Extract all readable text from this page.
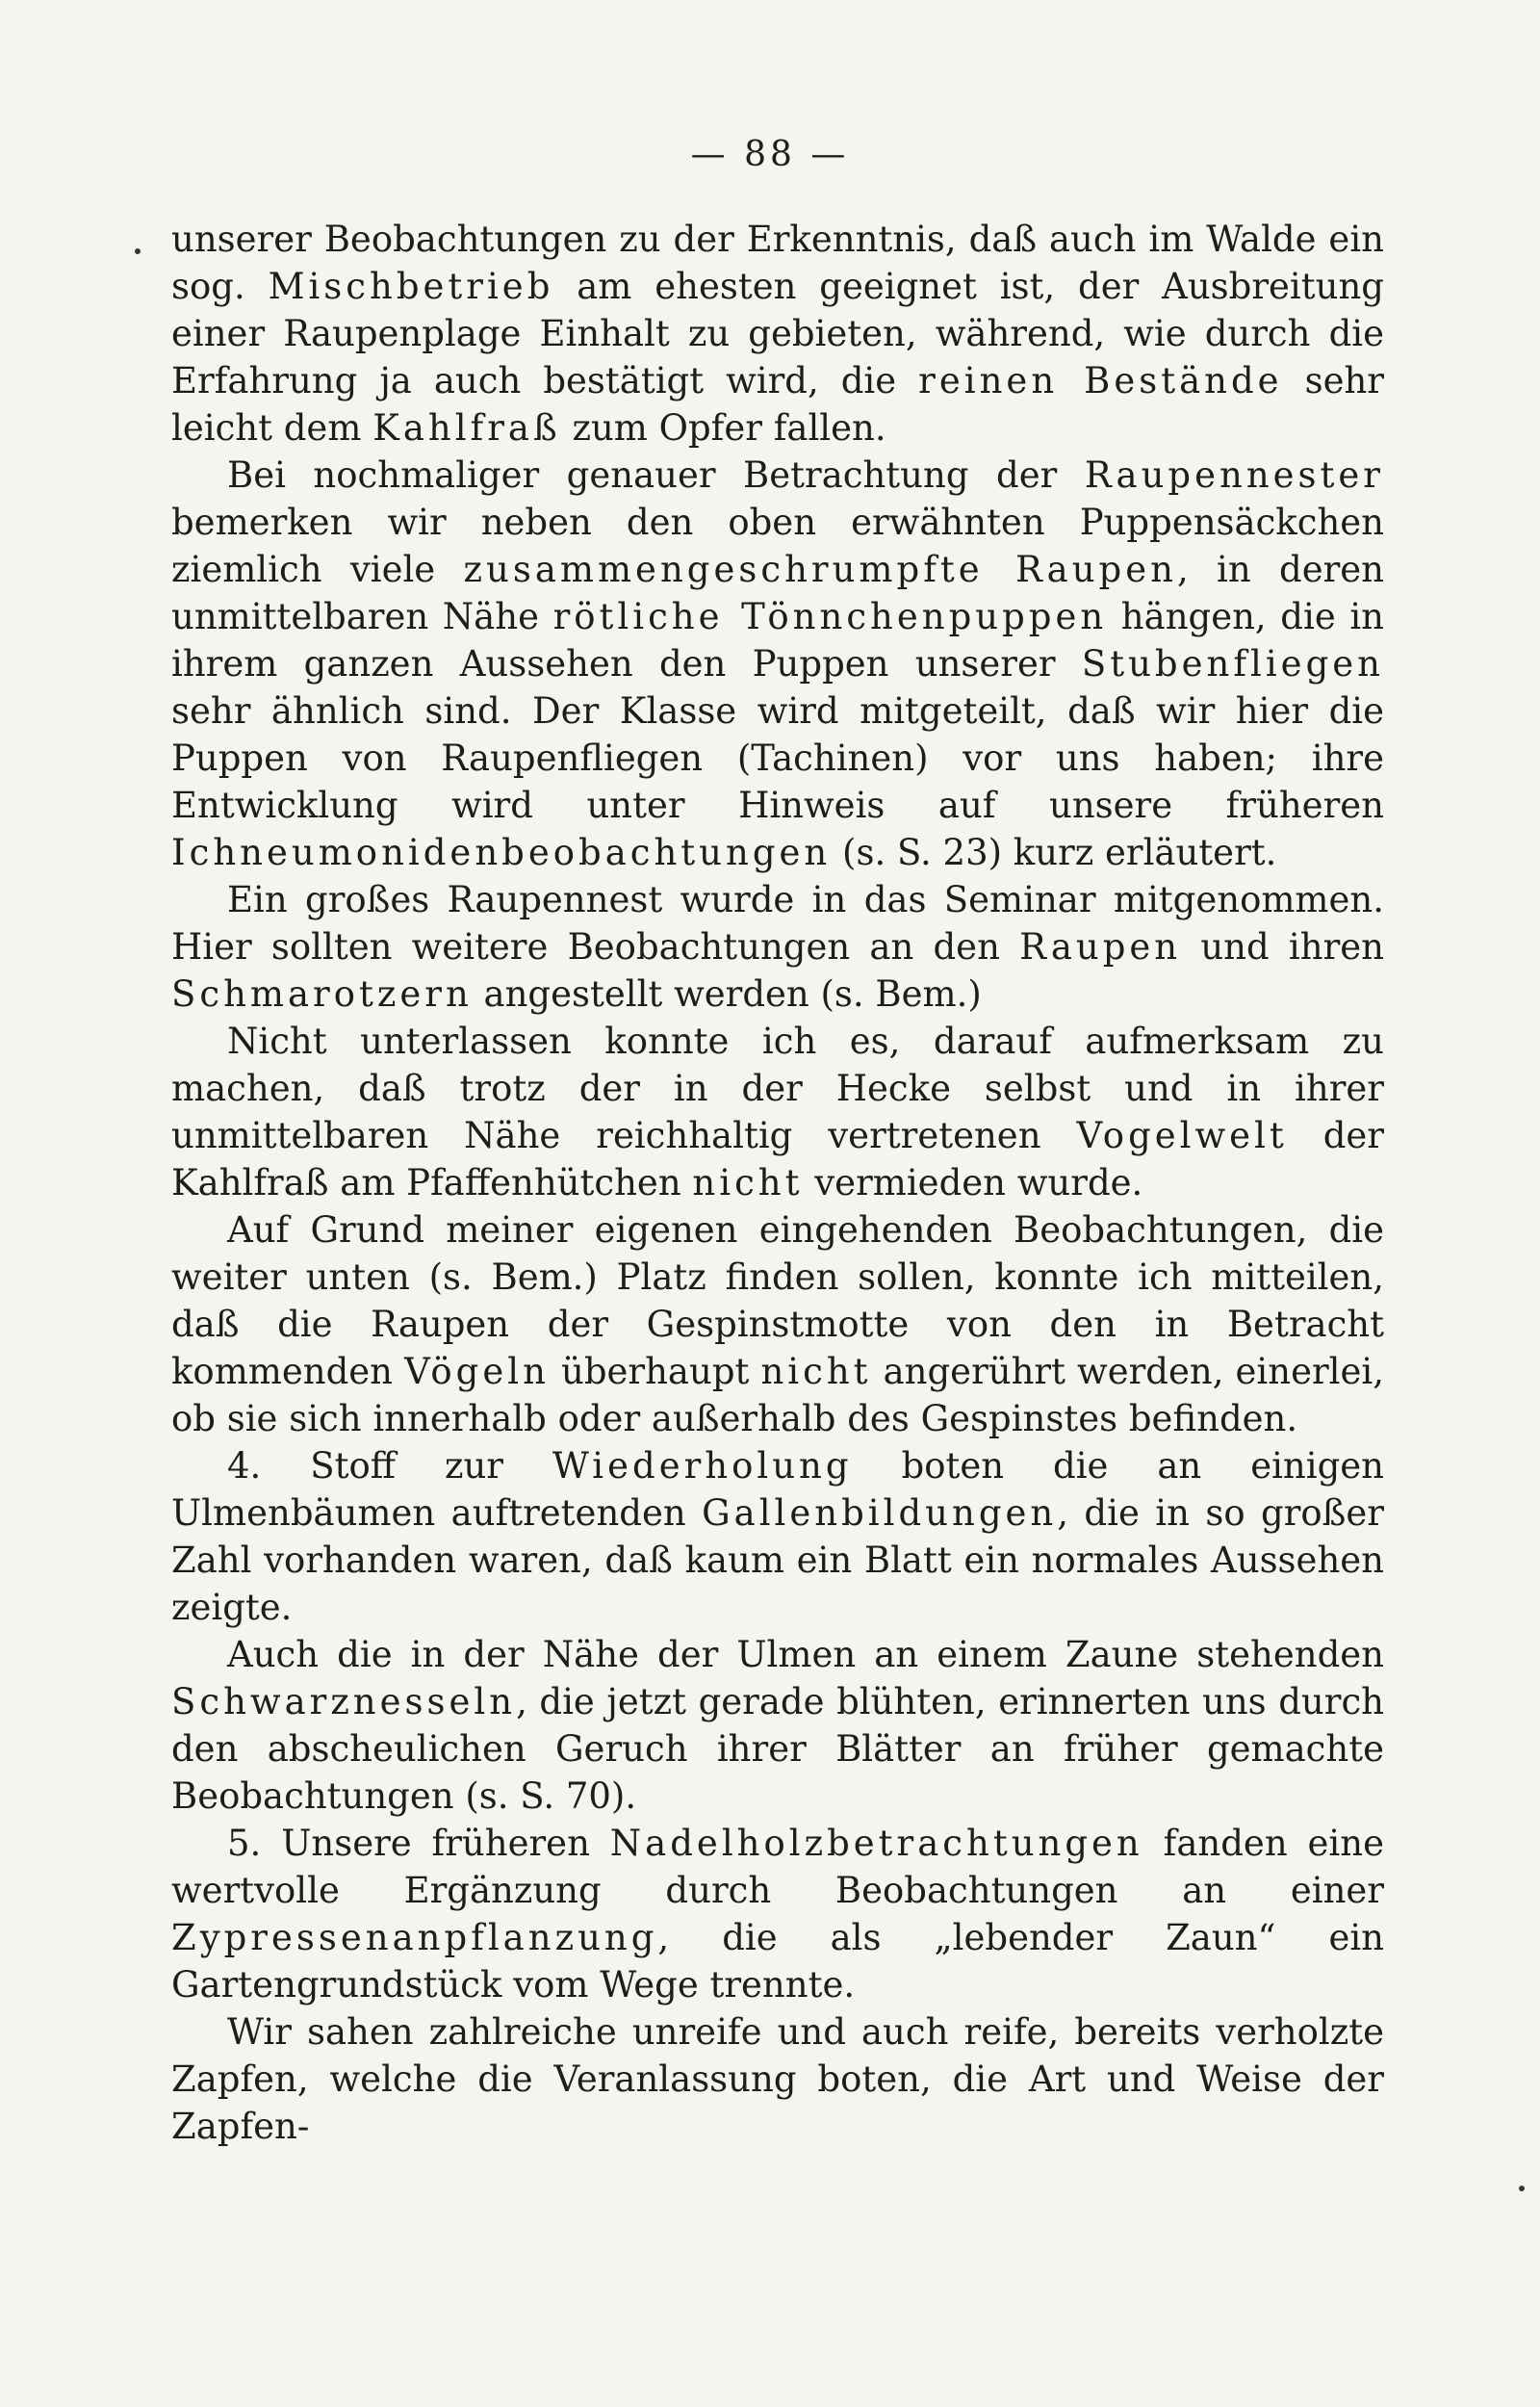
— 88 —

unserer Beobachtungen zu der Erkenntnis, daß auch im Walde ein sog. Mischbetrieb am ehesten geeignet ist, der Ausbreitung einer Raupenplage Einhalt zu gebieten, während, wie durch die Erfahrung ja auch bestätigt wird, die reinen Bestände sehr leicht dem Kahlfraß zum Opfer fallen.

Bei nochmaliger genauer Betrachtung der Raupennester bemerken wir neben den oben erwähnten Puppensäckchen ziemlich viele zusammengeschrumpfte Raupen, in deren unmittelbaren Nähe rötliche Tönnchenpuppen hängen, die in ihrem ganzen Aussehen den Puppen unserer Stubenfliegen sehr ähnlich sind. Der Klasse wird mitgeteilt, daß wir hier die Puppen von Raupenfliegen (Tachinen) vor uns haben; ihre Entwicklung wird unter Hinweis auf unsere früheren Ichneumonidenbeobachtungen (s. S. 23) kurz erläutert.

Ein großes Raupennest wurde in das Seminar mitgenommen. Hier sollten weitere Beobachtungen an den Raupen und ihren Schmarotzern angestellt werden (s. Bem.)

Nicht unterlassen konnte ich es, darauf aufmerksam zu machen, daß trotz der in der Hecke selbst und in ihrer unmittelbaren Nähe reichhaltig vertretenen Vogelwelt der Kahlfraß am Pfaffenhütchen nicht vermieden wurde.

Auf Grund meiner eigenen eingehenden Beobachtungen, die weiter unten (s. Bem.) Platz finden sollen, konnte ich mitteilen, daß die Raupen der Gespinstmotte von den in Betracht kommenden Vögeln überhaupt nicht angerührt werden, einerlei, ob sie sich innerhalb oder außerhalb des Gespinstes befinden.

4. Stoff zur Wiederholung boten die an einigen Ulmenbäumen auftretenden Gallenbildungen, die in so großer Zahl vorhanden waren, daß kaum ein Blatt ein normales Aussehen zeigte.

Auch die in der Nähe der Ulmen an einem Zaune stehenden Schwarznesseln, die jetzt gerade blühten, erinnerten uns durch den abscheulichen Geruch ihrer Blätter an früher gemachte Beobachtungen (s. S. 70).

5. Unsere früheren Nadelholzbetrachtungen fanden eine wertvolle Ergänzung durch Beobachtungen an einer Zypressenanpflanzung, die als „lebender Zaun“ ein Gartengrundstück vom Wege trennte.

Wir sahen zahlreiche unreife und auch reife, bereits verholzte Zapfen, welche die Veranlassung boten, die Art und Weise der Zapfen-
